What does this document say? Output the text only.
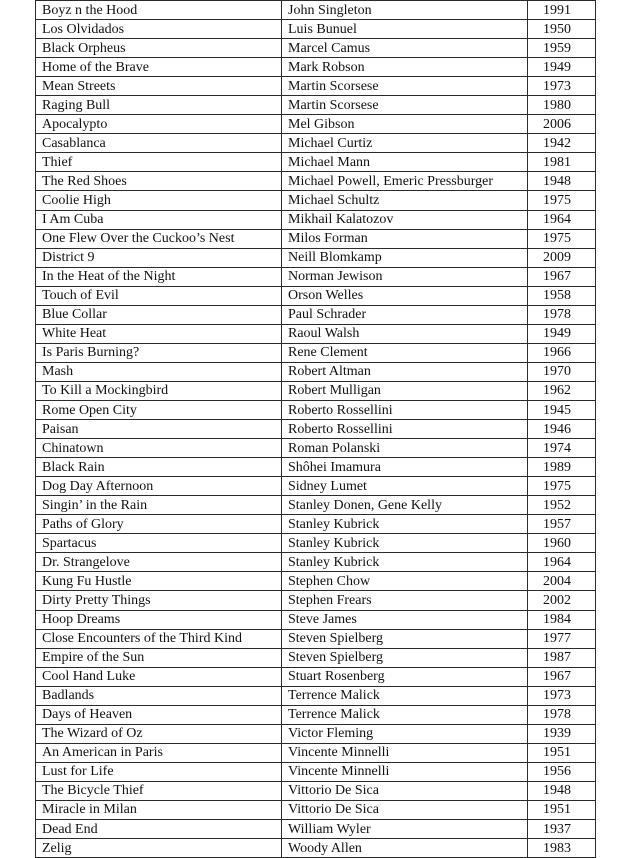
Boyz n the Hood	John Singleton	1991
Los Olvidados	Luis Bunuel	1950
Black Orpheus	Marcel Camus	1959
Home of the Brave	Mark Robson	1949
Mean Streets	Martin Scorsese	1973
Raging Bull	Martin Scorsese	1980
Apocalypto	Mel Gibson	2006
Casablanca	Michael Curtiz	1942
Thief	Michael Mann	1981
The Red Shoes	Michael Powell, Emeric Pressburger	1948
Coolie High	Michael Schultz	1975
I Am Cuba	Mikhail Kalatozov	1964
One Flew Over the Cuckoo’s Nest	Milos Forman	1975
District 9	Neill Blomkamp	2009
In the Heat of the Night	Norman Jewison	1967
Touch of Evil	Orson Welles	1958
Blue Collar	Paul Schrader	1978
White Heat	Raoul Walsh	1949
Is Paris Burning?	Rene Clement	1966
Mash	Robert Altman	1970
To Kill a Mockingbird	Robert Mulligan	1962
Rome Open City	Roberto Rossellini	1945
Paisan	Roberto Rossellini	1946
Chinatown	Roman Polanski	1974
Black Rain	Shôhei Imamura	1989
Dog Day Afternoon	Sidney Lumet	1975
Singin’ in the Rain	Stanley Donen, Gene Kelly	1952
Paths of Glory	Stanley Kubrick	1957
Spartacus	Stanley Kubrick	1960
Dr. Strangelove	Stanley Kubrick	1964
Kung Fu Hustle	Stephen Chow	2004
Dirty Pretty Things	Stephen Frears	2002
Hoop Dreams	Steve James	1984
Close Encounters of the Third Kind	Steven Spielberg	1977
Empire of the Sun	Steven Spielberg	1987
Cool Hand Luke	Stuart Rosenberg	1967
Badlands	Terrence Malick	1973
Days of Heaven	Terrence Malick	1978
The Wizard of Oz	Victor Fleming	1939
An American in Paris	Vincente Minnelli	1951
Lust for Life	Vincente Minnelli	1956
The Bicycle Thief	Vittorio De Sica	1948
Miracle in Milan	Vittorio De Sica	1951
Dead End	William Wyler	1937
Zelig	Woody Allen	1983
